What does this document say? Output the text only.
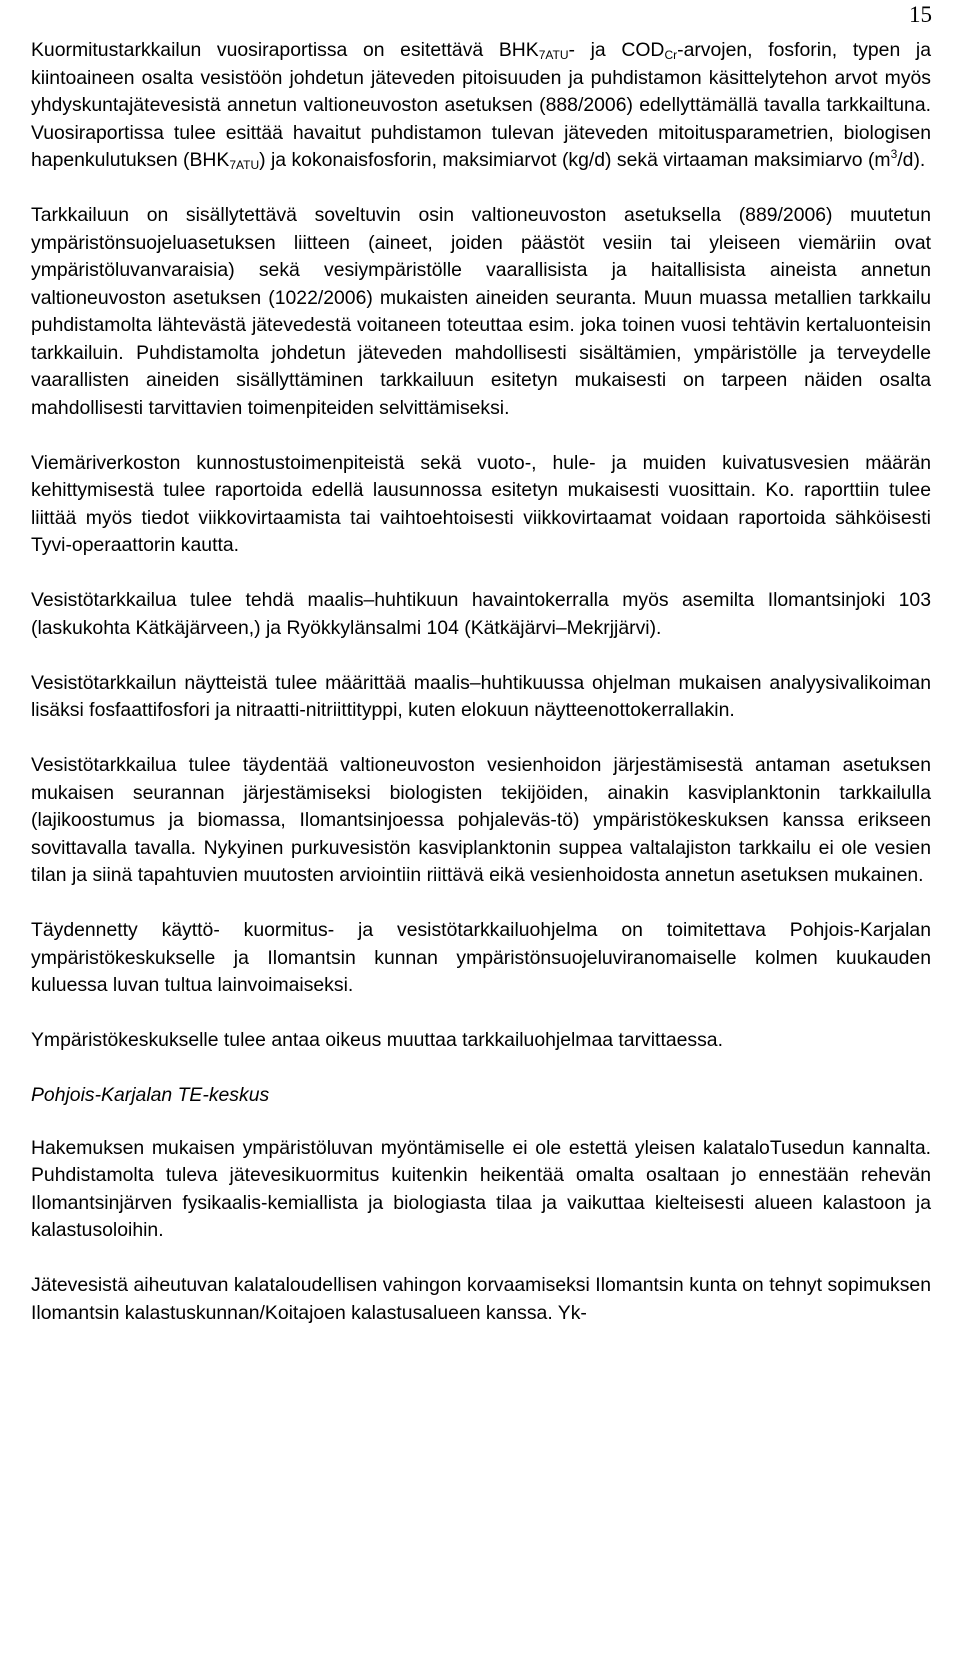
15

Kuormitustarkkailun vuosiraportissa on esitettävä $BHK_{7ATU}-$ ja $COD_{Cr}$-arvojen, fosforin, typen ja kiintoaineen osalta vesistöön johdetun jäteveden pitoisuuden ja puhdistamon käsittelytehon arvot myös yhdyskuntajätevesistä annetun valtioneuvoston asetuksen (888/2006) edellyttämällä tavalla tarkkailtuna. Vuosiraportissa tulee esittää havaitut puhdistamon tulevan jäteveden mitoitusparametrien, biologisen hapenkulutuksen $(BHK_{7ATU})$ ja kokonaisfosforin, maksimiarvot (kg/d) sekä virtaaman maksimiarvo $(m^3/d)$.

Tarkkailuun on sisällytettävä soveltuvin osin valtioneuvoston asetuksella (889/2006) muutetun ympäristönsuojeluasetuksen liitteen (aineet, joiden päästöt vesiin tai yleiseen viemäriin ovat ympäristöluvanvaraisia) sekä vesiympäristölle vaarallisista ja haitallisista aineista annetun valtioneuvoston asetuksen (1022/2006) mukaisten aineiden seuranta. Muun muassa metallien tarkkailu puhdistamolta lähtevästä jätevedestä voitaneen toteuttaa esim. joka toinen vuosi tehtävin kertaluonteisin tarkkailuin. Puhdistamolta johdetun jäteveden mahdollisesti sisältämien, ympäristölle ja terveydelle vaarallisten aineiden sisällyttäminen tarkkailuun esitetyn mukaisesti on tarpeen näiden osalta mahdollisesti tarvittavien toimenpiteiden selvittämiseksi.

Viemäriverkoston kunnostustoimenpiteistä sekä vuoto-, hule- ja muiden kuivatusvesien määrän kehittymisestä tulee raportoida edellä lausunnossa esitetyn mukaisesti vuosittain. Ko. raporttiin tulee liittää myös tiedot viikkovirtaamista tai vaihtoehtoisesti viikkovirtaamat voidaan raportoida sähköisesti Tyvi-operaattorin kautta.

Vesistötarkkailua tulee tehdä maalis–huhtikuun havaintokerralla myös asemilta Ilomantsinjoki 103 (laskukohta Kätkäjärveen,) ja Ryökkylänsalmi 104 (Kätkäjärvi–Mekrjjärvi).

Vesistötarkkailun näytteistä tulee määrittää maalis–huhtikuussa ohjelman mukaisen analyysivalikoiman lisäksi fosfaattifosfori ja nitraatti-nitriittityppi, kuten elokuun näytteenottokerrallakin.

Vesistötarkkailua tulee täydentää valtioneuvoston vesienhoidon järjestämisestä antaman asetuksen mukaisen seurannan järjestämiseksi biologisten tekijöiden, ainakin kasviplanktonin tarkkailulla (lajikoostumus ja biomassa, Ilomantsinjoessa pohjaleväs-tö) ympäristökeskuksen kanssa erikseen sovittavalla tavalla. Nykyinen purkuvesistön kasviplanktonin suppea valtalajiston tarkkailu ei ole vesien tilan ja siinä tapahtuvien muutosten arviointiin riittävä eikä vesienhoidosta annetun asetuksen mukainen.

Täydennetty käyttö- kuormitus- ja vesistötarkkailuohjelma on toimitettava Pohjois-Karjalan ympäristökeskukselle ja Ilomantsin kunnan ympäristönsuojeluviranomaiselle kolmen kuukauden kuluessa luvan tultua lainvoimaiseksi.

Ympäristökeskukselle tulee antaa oikeus muuttaa tarkkailuohjelmaa tarvittaessa.

Pohjois-Karjalan TE-keskus

Hakemuksen mukaisen ympäristöluvan myöntämiselle ei ole estettä yleisen kalataloTusedun kannalta. Puhdistamolta tuleva jätevesikuormitus kuitenkin heikentää omalta osaltaan jo ennestään rehevän Ilomantsinjärven fysikaalis-kemiallista ja biologiasta tilaa ja vaikuttaa kielteisesti alueen kalastoon ja kalastusoloihin.

Jätevesistä aiheutuvan kalataloudellisen vahingon korvaamiseksi Ilomantsin kunta on tehnyt sopimuksen Ilomantsin kalastuskunnan/Koitajoen kalastusalueen kanssa. Yk-
